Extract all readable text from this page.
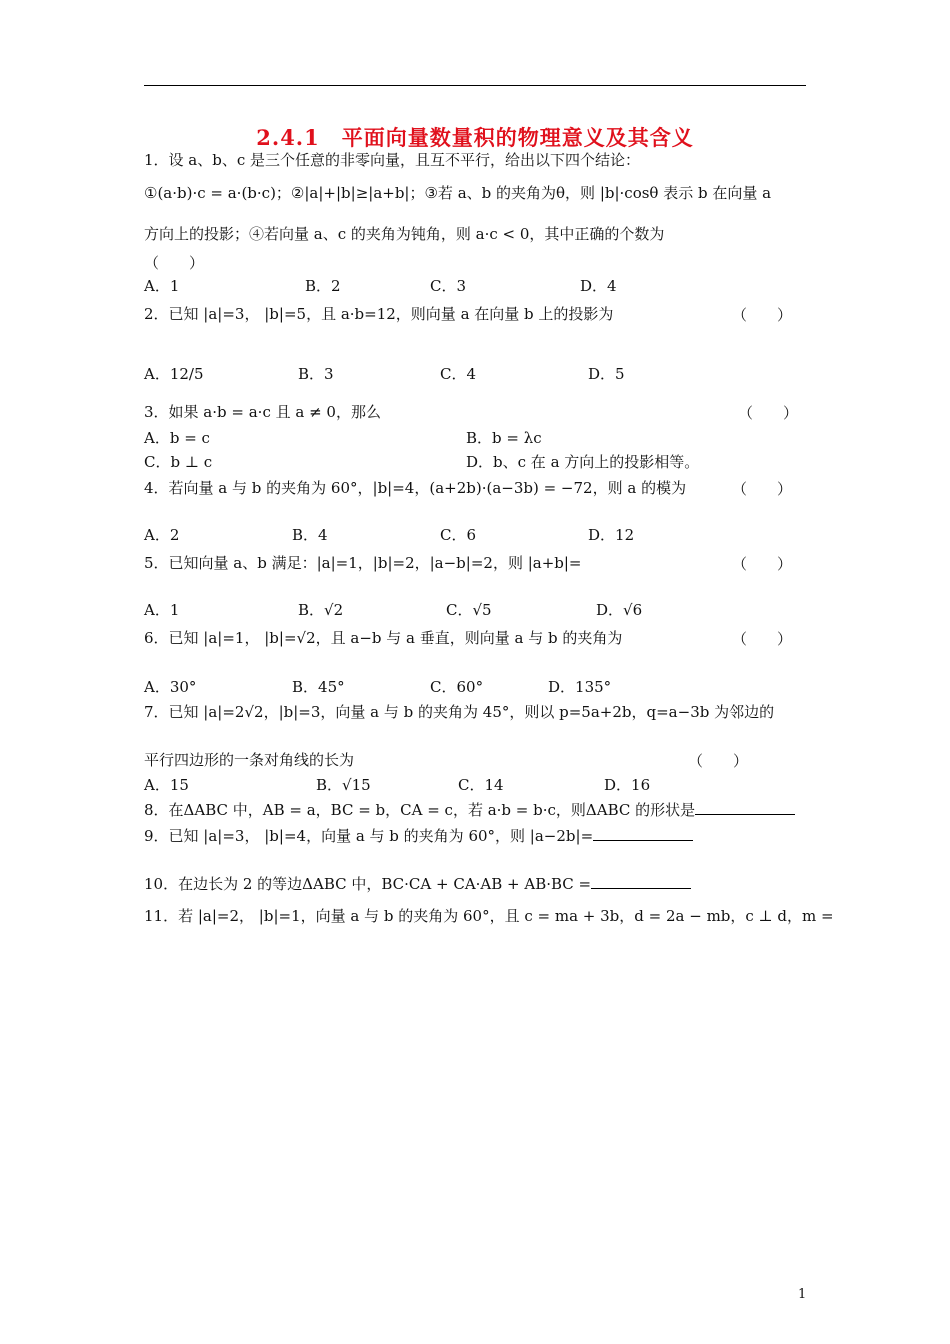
2.4.1　平面向量数量积的物理意义及其含义
1．设 a、b、c 是三个任意的非零向量，且互不平行，给出以下四个结论：
①(a·b)·c = a·(b·c)；②|a|+|b|≥|a+b|；③若 a、b 的夹角为θ，则 |b|·cosθ 表示 b 在向量 a
方向上的投影；④若向量 a、c 的夹角为钝角，则 a·c < 0，其中正确的个数为
（　　）
A．1	B．2	C．3	D．4
2．已知 |a|=3， |b|=5，且 a·b=12，则向量 a 在向量 b 上的投影为	（　　）
A．12/5	B．3	C．4	D．5
3．如果 a·b = a·c 且 a ≠ 0，那么	（　　）
A．b = c	B．b = λc
C．b ⊥ c	D．b、c 在 a 方向上的投影相等。
4．若向量 a 与 b 的夹角为 60°，|b|=4，(a+2b)·(a−3b) = −72，则 a 的模为	（　　）
A．2	B．4	C．6	D．12
5．已知向量 a、b 满足：|a|=1，|b|=2，|a−b|=2，则 |a+b|=	（　　）
A．1	B．√2	C．√5	D．√6
6．已知 |a|=1， |b|=√2，且 a−b 与 a 垂直，则向量 a 与 b 的夹角为	（　　）
A．30°	B．45°	C．60°	D．135°
7．已知 |a|=2√2，|b|=3，向量 a 与 b 的夹角为 45°，则以 p=5a+2b，q=a−3b 为邻边的
平行四边形的一条对角线的长为	（　　）
A．15	B．√15	C．14	D．16
8．在ΔABC 中，AB = a，BC = b，CA = c，若 a·b = b·c，则ΔABC 的形状是
9．已知 |a|=3， |b|=4，向量 a 与 b 的夹角为 60°，则 |a−2b|=
10．在边长为 2 的等边ΔABC 中，BC·CA + CA·AB + AB·BC =
11．若 |a|=2， |b|=1，向量 a 与 b 的夹角为 60°，且 c = ma + 3b，d = 2a − mb，c ⊥ d，m =
1
